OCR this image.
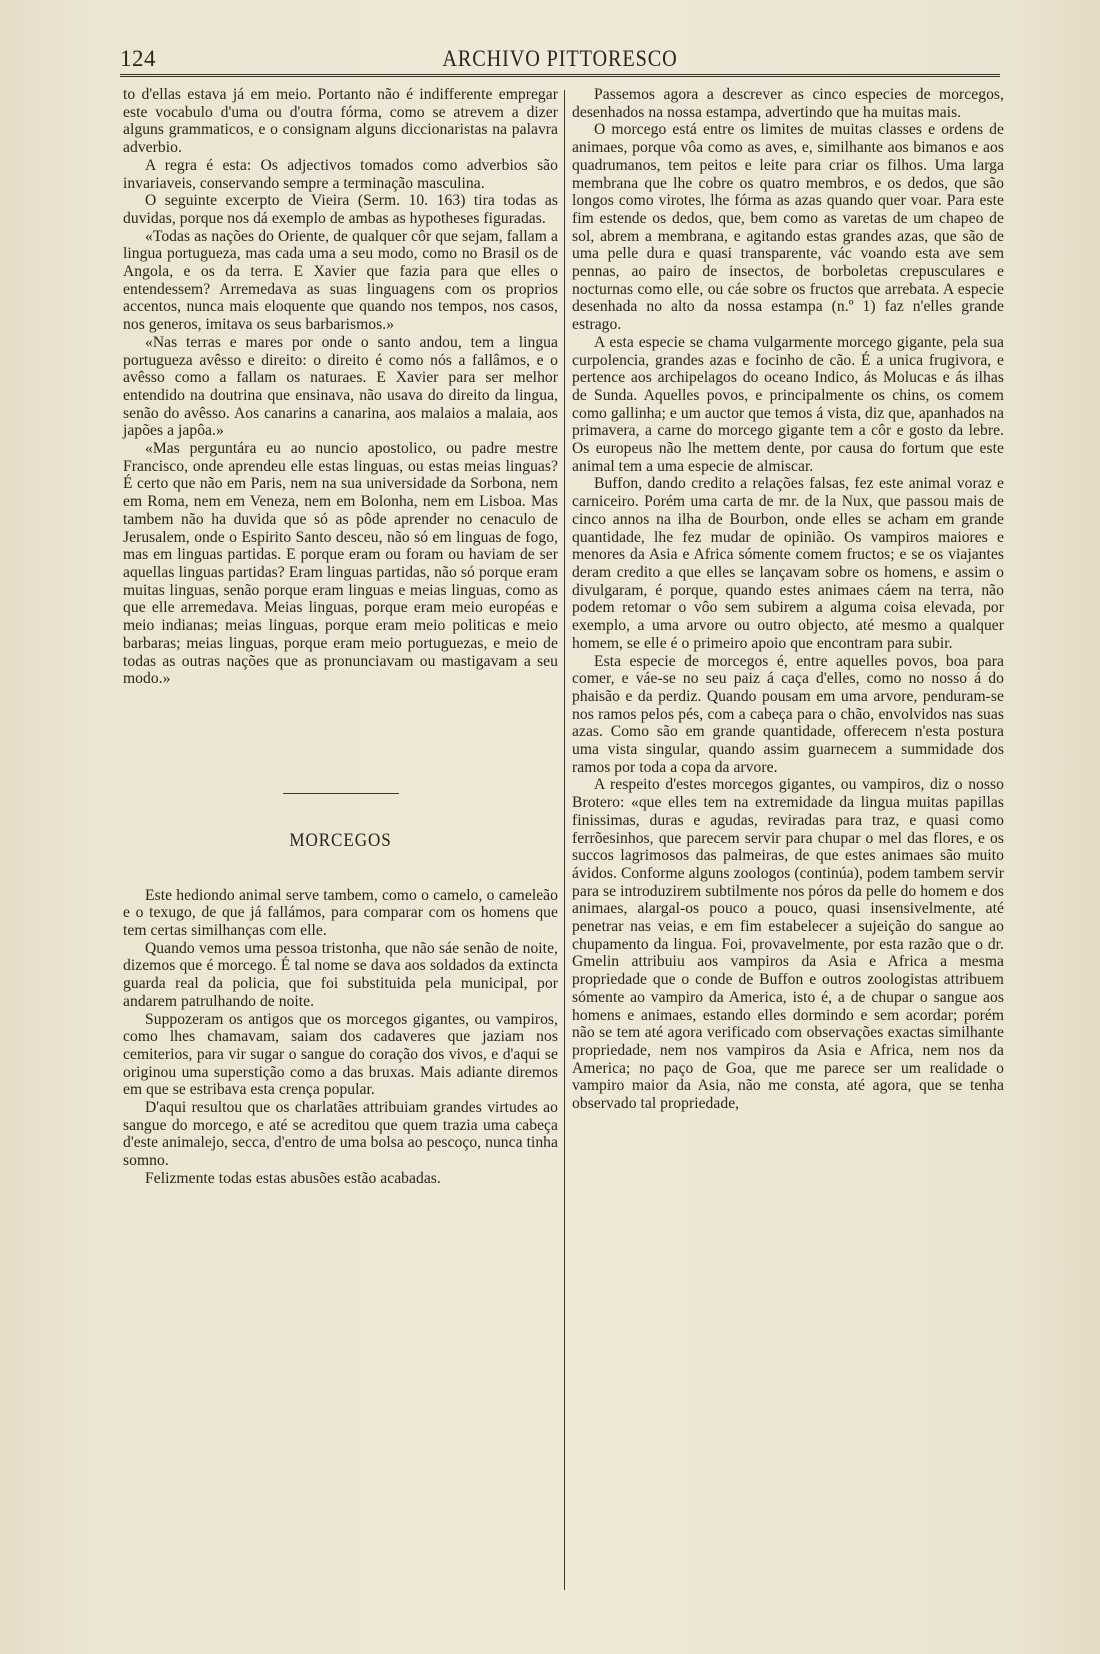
124	ARCHIVO PITTORESCO

to d'ellas estava já em meio. Portanto não é indifferente empregar este vocabulo d'uma ou d'outra fórma, como se atrevem a dizer alguns grammaticos, e o consignam alguns diccionaristas na palavra adverbio.

A regra é esta: Os adjectivos tomados como adverbios são invariaveis, conservando sempre a terminação masculina.

O seguinte excerpto de Vieira (Serm. 10. 163) tira todas as duvidas, porque nos dá exemplo de ambas as hypotheses figuradas.

«Todas as nações do Oriente, de qualquer côr que sejam, fallam a lingua portugueza, mas cada uma a seu modo, como no Brasil os de Angola, e os da terra. E Xavier que fazia para que elles o entendessem? Arremedava as suas linguagens com os proprios accentos, nunca mais eloquente que quando nos tempos, nos casos, nos generos, imitava os seus barbarismos.»

«Nas terras e mares por onde o santo andou, tem a lingua portugueza avêsso e direito: o direito é como nós a fallâmos, e o avêsso como a fallam os naturaes. E Xavier para ser melhor entendido na doutrina que ensinava, não usava do direito da lingua, senão do avêsso. Aos canarins a canarina, aos malaios a malaia, aos japões a japôa.»

«Mas perguntára eu ao nuncio apostolico, ou padre mestre Francisco, onde aprendeu elle estas linguas, ou estas meias linguas? É certo que não em Paris, nem na sua universidade da Sorbona, nem em Roma, nem em Veneza, nem em Bolonha, nem em Lisboa. Mas tambem não ha duvida que só as pôde aprender no cenaculo de Jerusalem, onde o Espirito Santo desceu, não só em linguas de fogo, mas em linguas partidas. E porque eram ou foram ou haviam de ser aquellas linguas partidas? Eram linguas partidas, não só porque eram muitas linguas, senão porque eram linguas e meias linguas, como as que elle arremedava. Meias linguas, porque eram meio européas e meio indianas; meias linguas, porque eram meio politicas e meio barbaras; meias linguas, porque eram meio portuguezas, e meio de todas as outras nações que as pronunciavam ou mastigavam a seu modo.»

MORCEGOS

Este hediondo animal serve tambem, como o camelo, o cameleão e o texugo, de que já fallámos, para comparar com os homens que tem certas similhanças com elle.

Quando vemos uma pessoa tristonha, que não sáe senão de noite, dizemos que é morcego. É tal nome se dava aos soldados da extincta guarda real da policia, que foi substituida pela municipal, por andarem patrulhando de noite.

Suppozeram os antigos que os morcegos gigantes, ou vampiros, como lhes chamavam, saiam dos cadaveres que jaziam nos cemiterios, para vir sugar o sangue do coração dos vivos, e d'aqui se originou uma superstição como a das bruxas. Mais adiante diremos em que se estribava esta crença popular.

D'aqui resultou que os charlatães attribuiam grandes virtudes ao sangue do morcego, e até se acreditou que quem trazia uma cabeça d'este animalejo, secca, d'entro de uma bolsa ao pescoço, nunca tinha somno.

Felizmente todas estas abusões estão acabadas.

Passemos agora a descrever as cinco especies de morcegos, desenhados na nossa estampa, advertindo que ha muitas mais.

O morcego está entre os limites de muitas classes e ordens de animaes, porque vôa como as aves, e, similhante aos bimanos e aos quadrumanos, tem peitos e leite para criar os filhos. Uma larga membrana que lhe cobre os quatro membros, e os dedos, que são longos como virotes, lhe fórma as azas quando quer voar. Para este fim estende os dedos, que, bem como as varetas de um chapeo de sol, abrem a membrana, e agitando estas grandes azas, que são de uma pelle dura e quasi transparente, vác voando esta ave sem pennas, ao pairo de insectos, de borboletas crepusculares e nocturnas como elle, ou cáe sobre os fructos que arrebata. A especie desenhada no alto da nossa estampa (n.º 1) faz n'elles grande estrago.

A esta especie se chama vulgarmente morcego gigante, pela sua curpolencia, grandes azas e focinho de cão. É a unica frugivora, e pertence aos archipelagos do oceano Indico, ás Molucas e ás ilhas de Sunda. Aquelles povos, e principalmente os chins, os comem como gallinha; e um auctor que temos á vista, diz que, apanhados na primavera, a carne do morcego gigante tem a côr e gosto da lebre. Os europeus não lhe mettem dente, por causa do fortum que este animal tem a uma especie de almiscar.

Buffon, dando credito a relações falsas, fez este animal voraz e carniceiro. Porém uma carta de mr. de la Nux, que passou mais de cinco annos na ilha de Bourbon, onde elles se acham em grande quantidade, lhe fez mudar de opinião. Os vampiros maiores e menores da Asia e Africa sómente comem fructos; e se os viajantes deram credito a que elles se lançavam sobre os homens, e assim o divulgaram, é porque, quando estes animaes cáem na terra, não podem retomar o vôo sem subirem a alguma coisa elevada, por exemplo, a uma arvore ou outro objecto, até mesmo a qualquer homem, se elle é o primeiro apoio que encontram para subir.

Esta especie de morcegos é, entre aquelles povos, boa para comer, e váe-se no seu paiz á caça d'elles, como no nosso á do phaisão e da perdiz. Quando pousam em uma arvore, penduram-se nos ramos pelos pés, com a cabeça para o chão, envolvidos nas suas azas. Como são em grande quantidade, offerecem n'esta postura uma vista singular, quando assim guarnecem a summidade dos ramos por toda a copa da arvore.

A respeito d'estes morcegos gigantes, ou vampiros, diz o nosso Brotero: «que elles tem na extremidade da lingua muitas papillas finissimas, duras e agudas, reviradas para traz, e quasi como ferrõesinhos, que parecem servir para chupar o mel das flores, e os succos lagrimosos das palmeiras, de que estes animaes são muito ávidos. Conforme alguns zoologos (continúa), podem tambem servir para se introduzirem subtilmente nos póros da pelle do homem e dos animaes, alargal-os pouco a pouco, quasi insensivelmente, até penetrar nas veias, e em fim estabelecer a sujeição do sangue ao chupamento da lingua. Foi, provavelmente, por esta razão que o dr. Gmelin attribuiu aos vampiros da Asia e Africa a mesma propriedade que o conde de Buffon e outros zoologistas attribuem sómente ao vampiro da America, isto é, a de chupar o sangue aos homens e animaes, estando elles dormindo e sem acordar; porém não se tem até agora verificado com observações exactas similhante propriedade, nem nos vampiros da Asia e Africa, nem nos da America; no paço de Goa, que me parece ser um realidade o vampiro maior da Asia, não me consta, até agora, que se tenha observado tal propriedade,
